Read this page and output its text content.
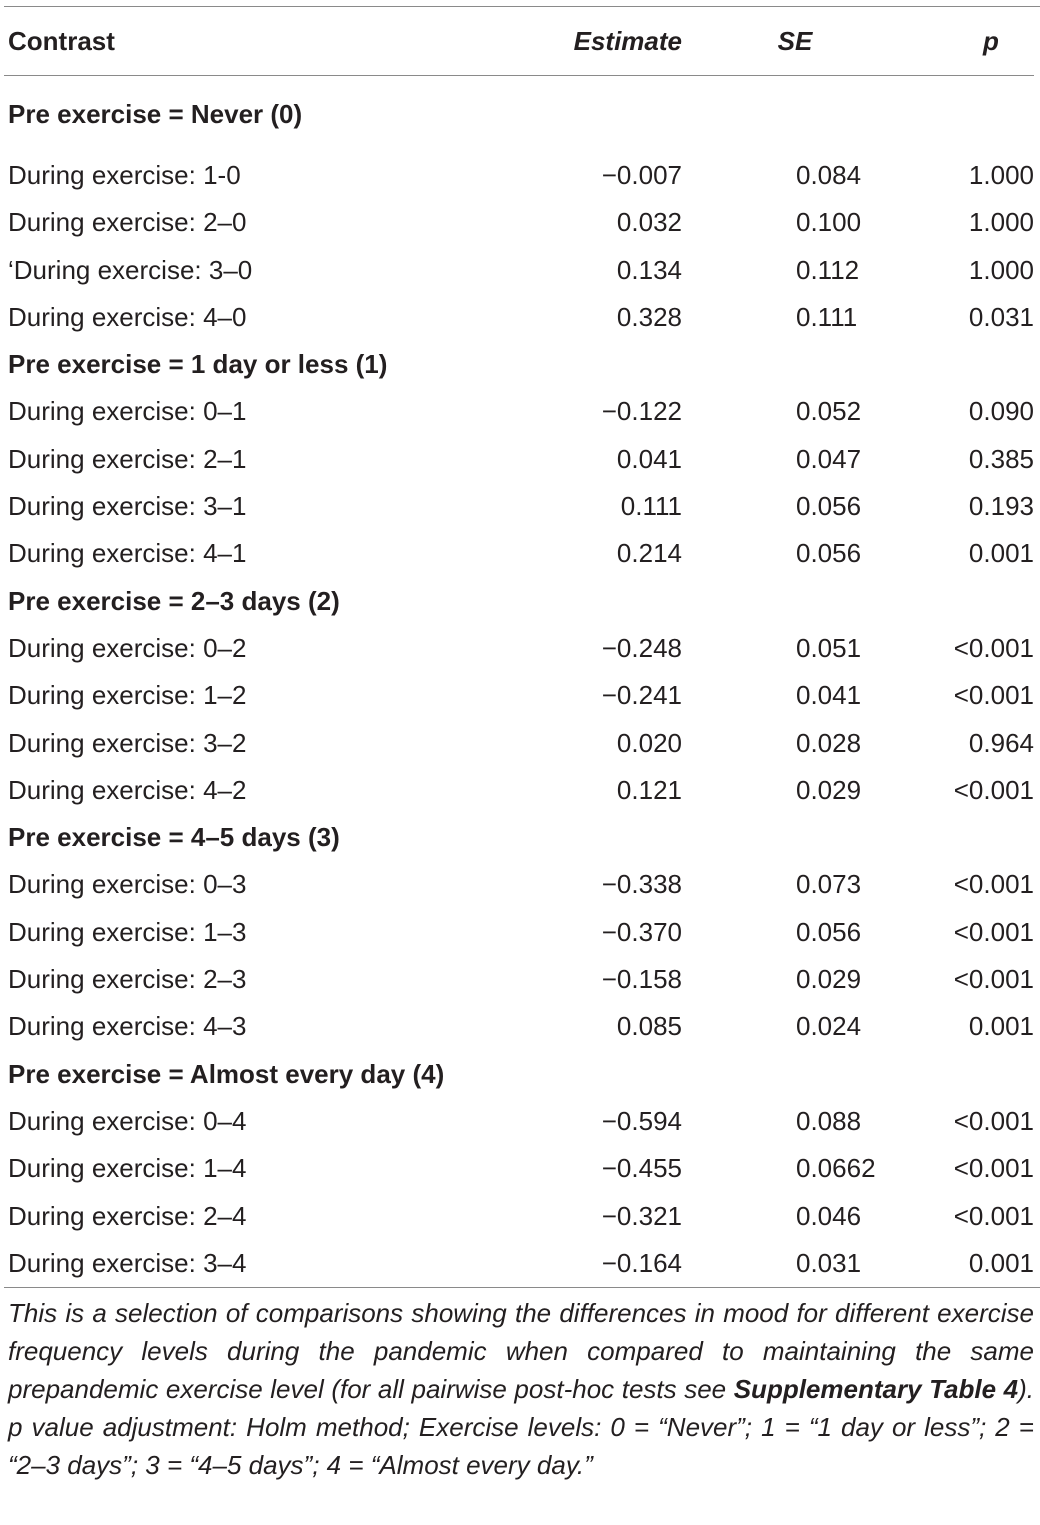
Contrast	Estimate	SE	p
Pre exercise = Never (0)			
During exercise: 1-0	−0.007	0.084	1.000
During exercise: 2–0	0.032	0.100	1.000
‘During exercise: 3–0	0.134	0.112	1.000
During exercise: 4–0	0.328	0.111	0.031
Pre exercise = 1 day or less (1)			
During exercise: 0–1	−0.122	0.052	0.090
During exercise: 2–1	0.041	0.047	0.385
During exercise: 3–1	0.111	0.056	0.193
During exercise: 4–1	0.214	0.056	0.001
Pre exercise = 2–3 days (2)			
During exercise: 0–2	−0.248	0.051	<0.001
During exercise: 1–2	−0.241	0.041	<0.001
During exercise: 3–2	0.020	0.028	0.964
During exercise: 4–2	0.121	0.029	<0.001
Pre exercise = 4–5 days (3)			
During exercise: 0–3	−0.338	0.073	<0.001
During exercise: 1–3	−0.370	0.056	<0.001
During exercise: 2–3	−0.158	0.029	<0.001
During exercise: 4–3	0.085	0.024	0.001
Pre exercise = Almost every day (4)			
During exercise: 0–4	−0.594	0.088	<0.001
During exercise: 1–4	−0.455	0.0662	<0.001
During exercise: 2–4	−0.321	0.046	<0.001
During exercise: 3–4	−0.164	0.031	0.001
This is a selection of comparisons showing the differences in mood for different exercise frequency levels during the pandemic when compared to maintaining the same prepandemic exercise level (for all pairwise post-hoc tests see Supplementary Table 4). p value adjustment: Holm method; Exercise levels: 0 = “Never”; 1 = “1 day or less”; 2 = “2–3 days”; 3 = “4–5 days”; 4 = “Almost every day.”
